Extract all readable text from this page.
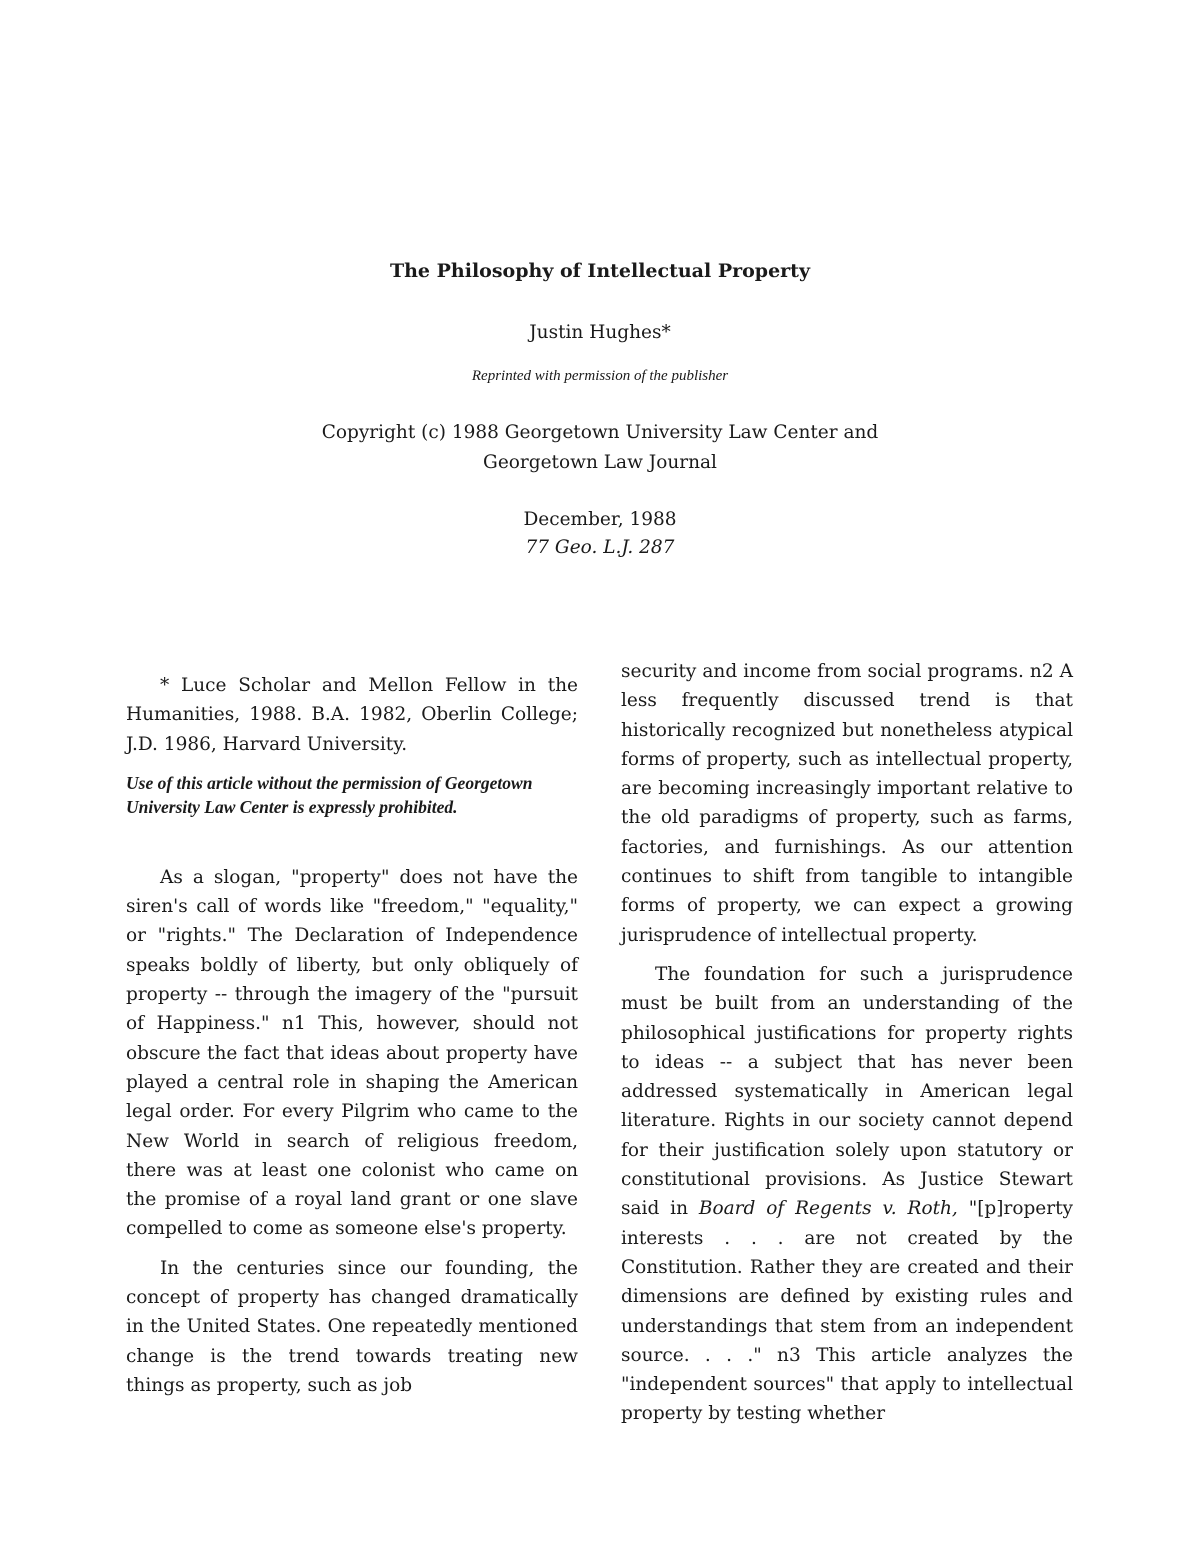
The Philosophy of Intellectual Property
Justin Hughes*
Reprinted with permission of the publisher
Copyright (c) 1988 Georgetown University Law Center and
Georgetown Law Journal
December, 1988
77 Geo. L.J. 287

* Luce Scholar and Mellon Fellow in the Humanities, 1988. B.A. 1982, Oberlin College; J.D. 1986, Harvard University.

Use of this article without the permission of Georgetown University Law Center is expressly prohibited.

As a slogan, "property" does not have the siren's call of words like "freedom," "equality," or "rights." The Declaration of Independence speaks boldly of liberty, but only obliquely of property -- through the imagery of the "pursuit of Happiness." n1 This, however, should not obscure the fact that ideas about property have played a central role in shaping the American legal order. For every Pilgrim who came to the New World in search of religious freedom, there was at least one colonist who came on the promise of a royal land grant or one slave compelled to come as someone else's property.

In the centuries since our founding, the concept of property has changed dramatically in the United States. One repeatedly mentioned change is the trend towards treating new things as property, such as job

security and income from social programs. n2 A less frequently discussed trend is that historically recognized but nonetheless atypical forms of property, such as intellectual property, are becoming increasingly important relative to the old paradigms of property, such as farms, factories, and furnishings. As our attention continues to shift from tangible to intangible forms of property, we can expect a growing jurisprudence of intellectual property.

The foundation for such a jurisprudence must be built from an understanding of the philosophical justifications for property rights to ideas -- a subject that has never been addressed systematically in American legal literature. Rights in our society cannot depend for their justification solely upon statutory or constitutional provisions. As Justice Stewart said in Board of Regents v. Roth, "[p]roperty interests . . . are not created by the Constitution. Rather they are created and their dimensions are defined by existing rules and understandings that stem from an independent source. . . ." n3 This article analyzes the "independent sources" that apply to intellectual property by testing whether
